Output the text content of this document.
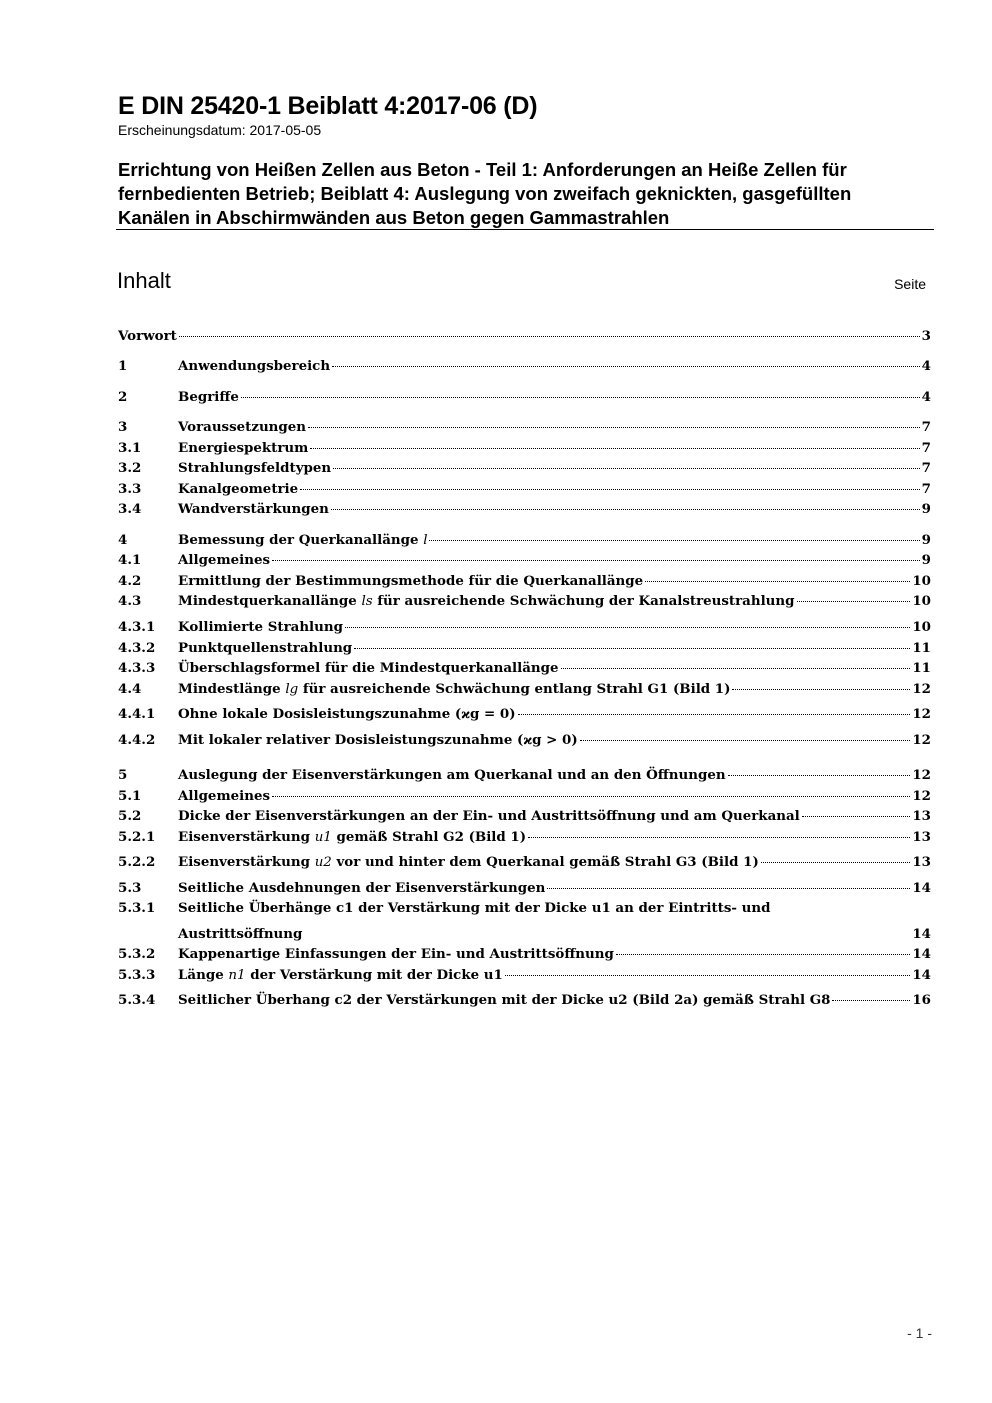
E DIN 25420-1 Beiblatt 4:2017-06 (D)
Erscheinungsdatum: 2017-05-05
Errichtung von Heißen Zellen aus Beton - Teil 1: Anforderungen an Heiße Zellen für
fernbedienten Betrieb; Beiblatt 4: Auslegung von zweifach geknickten, gasgefüllten
Kanälen in Abschirmwänden aus Beton gegen Gammastrahlen
Inhalt	Seite
Vorwort	3
1	Anwendungsbereich	4
2	Begriffe	4
3	Voraussetzungen	7
3.1	Energiespektrum	7
3.2	Strahlungsfeldtypen	7
3.3	Kanalgeometrie	7
3.4	Wandverstärkungen	9
4	Bemessung der Querkanallänge l	9
4.1	Allgemeines	9
4.2	Ermittlung der Bestimmungsmethode für die Querkanallänge	10
4.3	Mindestquerkanallänge ls für ausreichende Schwächung der Kanalstreustrahlung	10
4.3.1 Kollimierte Strahlung	10
4.3.2 Punktquellenstrahlung	11
4.3.3 Überschlagsformel für die Mindestquerkanallänge	11
4.4	Mindestlänge lg für ausreichende Schwächung entlang Strahl G1 (Bild 1)	12
4.4.1 Ohne lokale Dosisleistungszunahme (ϰg = 0)	12
4.4.2 Mit lokaler relativer Dosisleistungszunahme (ϰg > 0)	12
5	Auslegung der Eisenverstärkungen am Querkanal und an den Öffnungen	12
5.1	Allgemeines	12
5.2	Dicke der Eisenverstärkungen an der Ein- und Austrittsöffnung und am Querkanal	13
5.2.1 Eisenverstärkung u1 gemäß Strahl G2 (Bild 1)	13
5.2.2 Eisenverstärkung u2 vor und hinter dem Querkanal gemäß Strahl G3 (Bild 1)	13
5.3	Seitliche Ausdehnungen der Eisenverstärkungen	14
5.3.1 Seitliche Überhänge c1 der Verstärkung mit der Dicke u1 an der Eintritts- und
Austrittsöffnung	14
5.3.2 Kappenartige Einfassungen der Ein- und Austrittsöffnung	14
5.3.3 Länge n1 der Verstärkung mit der Dicke u1	14
5.3.4 Seitlicher Überhang c2 der Verstärkungen mit der Dicke u2 (Bild 2a) gemäß Strahl G8	16
- 1 -
